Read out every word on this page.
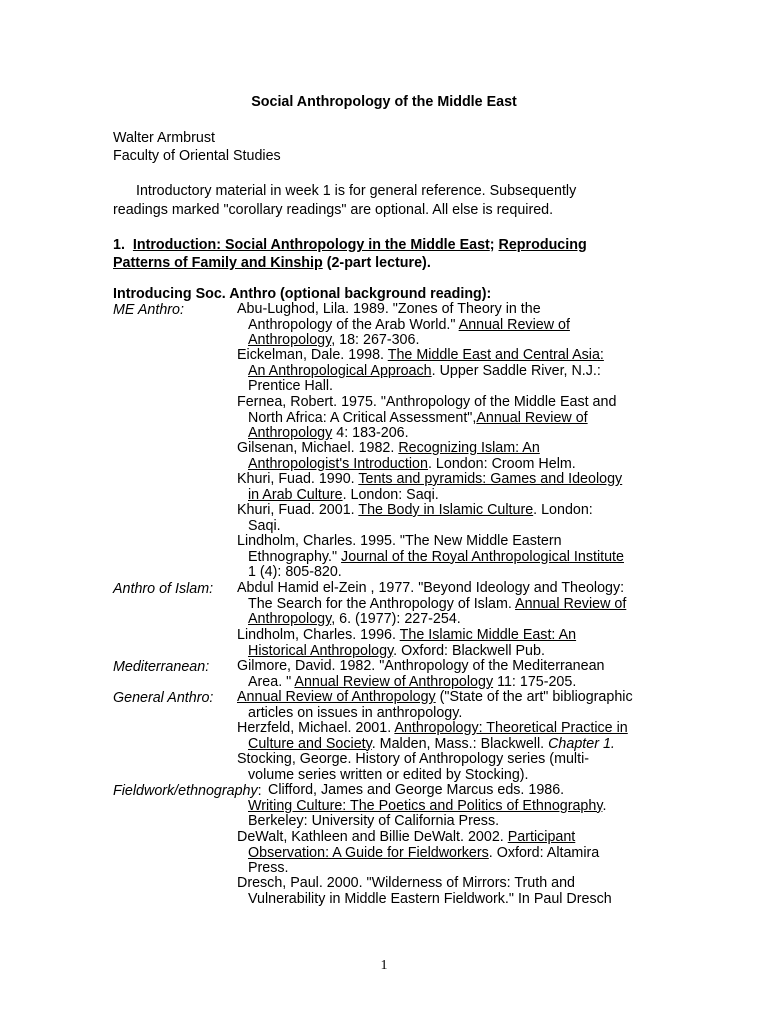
Social Anthropology of the Middle East
Walter Armbrust
Faculty of Oriental Studies
Introductory material in week 1 is for general reference. Subsequently
readings marked "corollary readings" are optional. All else is required.
1. Introduction: Social Anthropology in the Middle East; Reproducing
Patterns of Family and Kinship (2-part lecture).
Introducing Soc. Anthro (optional background reading):
ME Anthro:	Abu-Lughod, Lila. 1989. "Zones of Theory in the
Anthropology of the Arab World." Annual Review of
Anthropology, 18: 267-306.
Eickelman, Dale. 1998. The Middle East and Central Asia:
An Anthropological Approach. Upper Saddle River, N.J.:
Prentice Hall.
Fernea, Robert. 1975. "Anthropology of the Middle East and
North Africa: A Critical Assessment",Annual Review of
Anthropology 4: 183-206.
Gilsenan, Michael. 1982. Recognizing Islam: An
Anthropologist's Introduction. London: Croom Helm.
Khuri, Fuad. 1990. Tents and pyramids: Games and Ideology
in Arab Culture. London: Saqi.
Khuri, Fuad. 2001. The Body in Islamic Culture. London:
Saqi.
Lindholm, Charles. 1995. "The New Middle Eastern
Ethnography." Journal of the Royal Anthropological Institute
1 (4): 805-820.
Anthro of Islam: Abdul Hamid el-Zein , 1977. "Beyond Ideology and Theology:
The Search for the Anthropology of Islam. Annual Review of
Anthropology, 6. (1977): 227-254.
Lindholm, Charles. 1996. The Islamic Middle East: An
Historical Anthropology. Oxford: Blackwell Pub.
Mediterranean: Gilmore, David. 1982. "Anthropology of the Mediterranean
Area. " Annual Review of Anthropology 11: 175-205.
General Anthro: Annual Review of Anthropology ("State of the art" bibliographic
articles on issues in anthropology.
Herzfeld, Michael. 2001. Anthropology: Theoretical Practice in
Culture and Society. Malden, Mass.: Blackwell. Chapter 1.
Stocking, George. History of Anthropology series (multi-
volume series written or edited by Stocking).
Fieldwork/ethnography: Clifford, James and George Marcus eds. 1986.
Writing Culture: The Poetics and Politics of Ethnography.
Berkeley: University of California Press.
DeWalt, Kathleen and Billie DeWalt. 2002. Participant
Observation: A Guide for Fieldworkers. Oxford: Altamira
Press.
Dresch, Paul. 2000. "Wilderness of Mirrors: Truth and
Vulnerability in Middle Eastern Fieldwork." In Paul Dresch
1
